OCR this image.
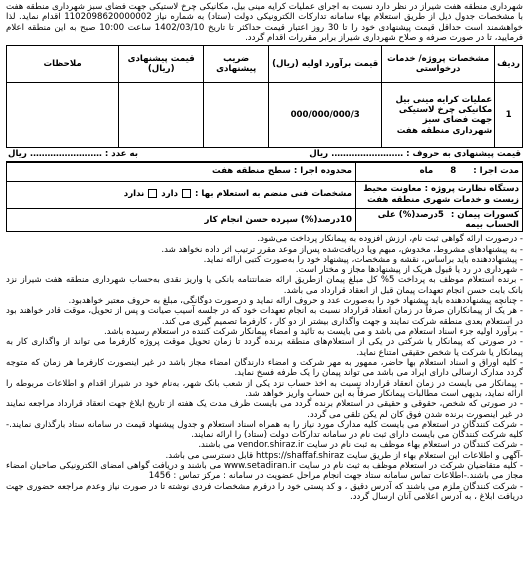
شهرداری منطقه هفت شیراز در نظر دارد نسبت به اجرای عملیات کرایه مینی بیل، مکانیکی چرخ لاستیکی جهت فضای سبز شهرداری منطقه هفت با مشخصات جدول ذیل از طریق استعلام بهاء سامانه تدارکات الکترونیکی دولت (ستاد) به شماره نیاز 1102098620000002 اقدام نماید. لذا خواهشمند است حداقل قیمت پیشنهادی خود را تا 30 روز اعتبار قیمت حداکثر تا تاریخ 1402/03/10 ساعت 10:00 صبح به این منطقه اعلام فرمایید، تا در صورت صرفه و صلاح شهرداری شیراز برابر مقررات اقدام گردد.

ردیف	مشخصات پروژه/ خدمات درخواستی	قیمت برآورد اولیه (ریال)	ضریب پیشنهادی	قیمت پیشنهادی (ریال)	ملاحظات
1	عملیات کرایه مینی بیل مکانیکی چرخ لاستیکی جهت فضای سبز شهرداری منطقه هفت	000/000/000/3			
قیمت پیشنهادی به حروف : ……………………. ریال
به عدد : ……………………. ریال
مدت اجرا : 8 ماه	محدوده اجرا : سطح منطقه هفت
دستگاه نظارت پروژه : معاونت محیط زیست و خدمات شهری منطقه هفت	مشخصات فنی منضم به استعلام بها :  دارد  ندارد
کسورات پیمان : 5درصد(%) علی الحساب بیمه	10درصد(%) سپرده حسن انجام کار
- درصورت ارائه گواهی ثبت نام، ارزش افزوده به پیمانکار پرداخت می‌شود.
- به پیشنهادهای مشروط، مخدوش، مبهم ویا دریافت‌شده پس‌از موعد مقرر ترتیب اثر داده نخواهد شد.
- پیشنهاددهنده باید براساس، نقشه و مشخصات، پیشنهاد خود را به‌صورت کتبی ارائه نماید.
- شهرداری در رد یا قبول هریک از پیشنهادها مجاز و مختار است.
- برنده استعلام موظف به پرداخت 5% کل مبلغ پیمان ازطریق ارائه ضمانتنامه بانکی یا واریز نقدی به‌حساب شهرداری منطقه هفت شیراز نزد بانک بابت حسن انجام تعهدات پیمان قبل از انعقاد قرارداد می باشد.
- چنانچه پیشنهاددهنده باید پیشنهاد خود را به‌صورت عدد و حروف ارائه نماید و درصورت دوگانگی، مبلغ به حروف معتبر خواهدبود.
- هر یک از پیمانکاران صرفاً در زمان انعقاد قرارداد نسبت به انجام تعهدات خود که در جلسه آسیب صیانت و پس از تحویل، موقت قادر خواهند بود در استعلام بعدی منطقه شرکت نمایند و جهت واگذاری بیشتر از دو کار ، کارفرما تصمیم گیری می کند.
- برآورد اولیه جزء اسناد استعلام می باشد و می بایست به تائید و امضاء پیمانکار شرکت کننده در استعلام رسیده باشد.
- در صورتی که پیمانکار یا شرکتی در یکی از استعلام‌های منطقه برنده گردد تا زمان تحویل موقت پروژه کارفرما می تواند از واگذاری کار به پیمانکار یا شرکت یا شخص حقیقی امتناع نماید.
- کلیه اوراق و اسناد استعلام بها حاضر، ممهور به مهر شرکت و امضاء دارندگان امضاء مجاز باشد در غیر اینصورت کارفرما هر زمان که متوجه گردد مدارک ارسالی دارای ایراد می باشد می تواند پیمان را یک طرفه فسخ نماید.
- پیمانکار می بایست در زمان انعقاد قرارداد نسبت به اخذ حساب نزد یکی از شعب بانک شهر، به‌نام خود در شیراز اقدام و اطلاعات مربوطه را ارائه نماید، بدیهی است مطالبات پیمانکار صرفاً به این حساب واریز خواهد شد.
- در صورتی که شخص، حقوقی و حقیقی در استعلام برنده گردد می بایست ظرف مدت یک هفته از تاریخ ابلاغ جهت انعقاد قرارداد مراجعه نمایند در غیر اینصورت برنده شدن فوق کان لم یکن تلقی می گردد.
- شرکت کنندگان در استعلام می بایست کلیه مدارک مورد نیاز را به همراه اسناد استعلام و جدول پیشنهاد قیمت در سامانه ستاد بارگذاری نمایند.- کلیه شرکت کنندگان می بایست دارای ثبت نام در سامانه تدارکات دولت (ستاد) را ارائه نمایند.
- شرکت کنندگان در استعلام بهاء موظف به ثبت نام در سایت vendor.shiraz.ir می باشند.
-آگهی و اطلاعات این استعلام بهاء از طریق سایت https://shaffaf.shiraz قابل دسترسی می باشد.
- کلیه متقاضیان شرکت در استعلام موظف به ثبت نام در سایت www.setadiran.ir می باشند و دریافت گواهی امضای الکترونیکی صاحبان امضاء مجاز می باشند.-اطلاعات تماس سامانه ستاد جهت انجام مراحل عضویت در سامانه : مرکز تماس : 1456
- شرکت کنندگان ملزم می باشند که آدرس دقیق ، و کد پستی خود را درفرم مشخصات فردی نوشته تا در صورت نیاز وعدم مراجعه حضوری جهت دریافت ابلاغ ، به آدرس اعلامی آنان ارسال گردد.
